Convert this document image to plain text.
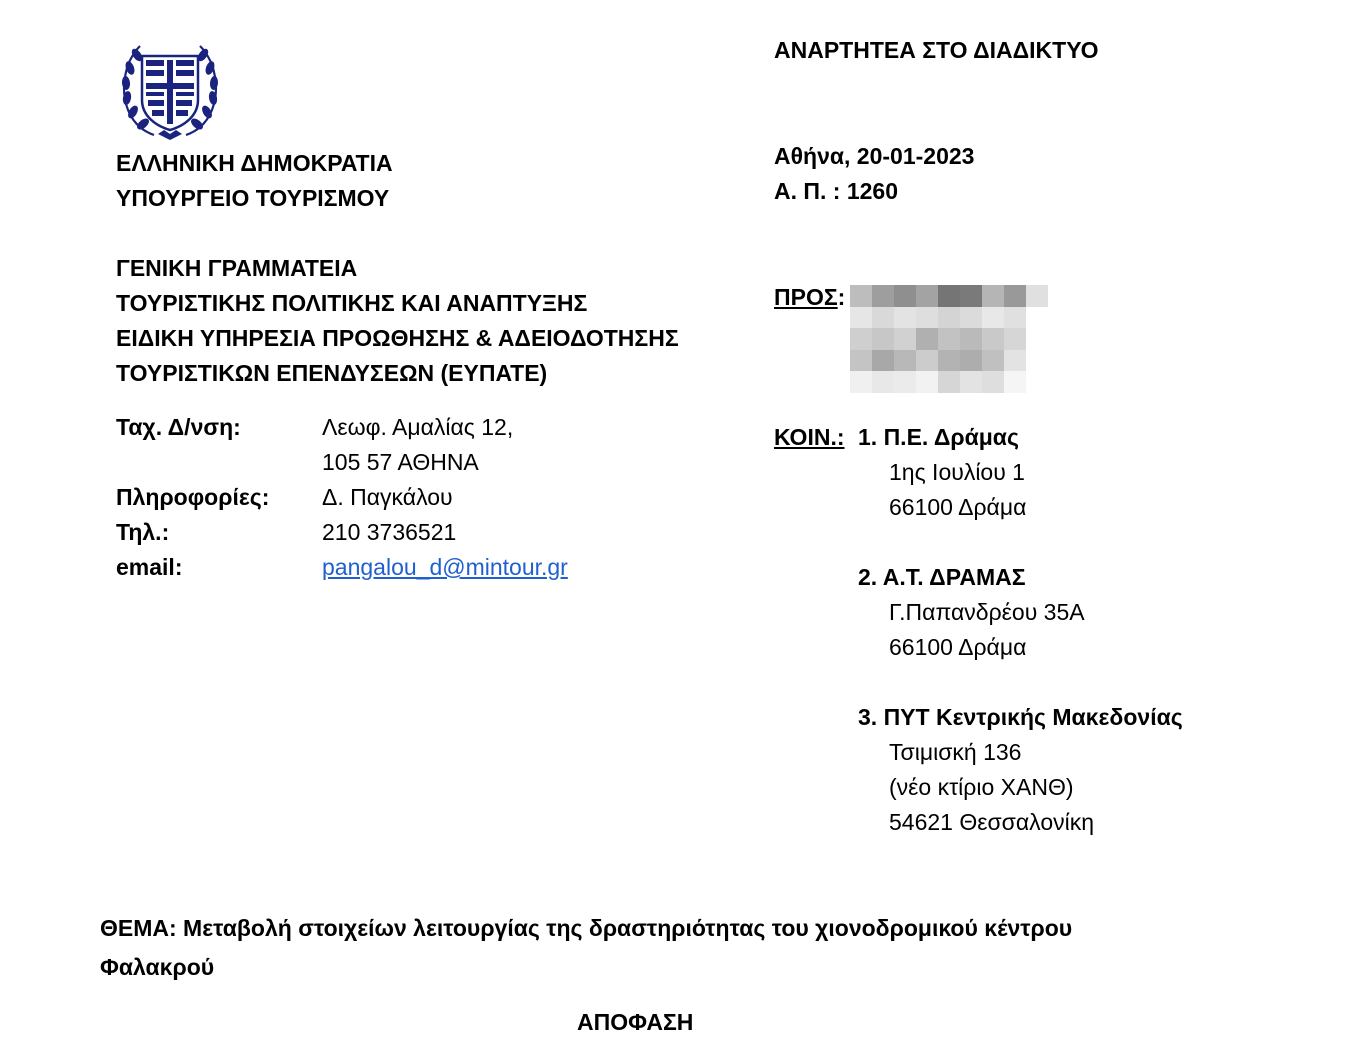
ΕΛΛΗΝΙΚΗ ΔΗΜΟΚΡΑΤΙΑ
ΥΠΟΥΡΓΕΙΟ ΤΟΥΡΙΣΜΟΥ
ΓΕΝΙΚΗ ΓΡΑΜΜΑΤΕΙΑ
ΤΟΥΡΙΣΤΙΚΗΣ ΠΟΛΙΤΙΚΗΣ ΚΑΙ ΑΝΑΠΤΥΞΗΣ
ΕΙΔΙΚΗ ΥΠΗΡΕΣΙΑ ΠΡΟΩΘΗΣΗΣ & ΑΔΕΙΟΔΟΤΗΣΗΣ
ΤΟΥΡΙΣΤΙΚΩΝ ΕΠΕΝΔΥΣΕΩΝ (ΕΥΠΑΤΕ)
Ταχ. Δ/νση:	Λεωφ. Αμαλίας 12,
105 57 ΑΘΗΝΑ
Πληροφορίες: Δ. Παγκάλου
Τηλ.:	210 3736521
email:	pangalou_d@mintour.gr
ΑΝΑΡΤΗΤΕΑ ΣΤΟ ΔΙΑΔΙΚΤΥΟ
Αθήνα, 20-01-2023
Α. Π. : 1260
ΠΡΟΣ:
ΚΟΙΝ.: 1. Π.Ε. Δράμας
1ης Ιουλίου 1
66100 Δράμα
2. Α.Τ. ΔΡΑΜΑΣ
Γ.Παπανδρέου 35Α
66100 Δράμα
3. ΠΥΤ Κεντρικής Μακεδονίας
Τσιμισκή 136
(νέο κτίριο ΧΑΝΘ)
54621 Θεσσαλονίκη
ΘΕΜΑ: Μεταβολή στοιχείων λειτουργίας της δραστηριότητας του χιονοδρομικού κέντρου
Φαλακρού
ΑΠΟΦΑΣΗ
